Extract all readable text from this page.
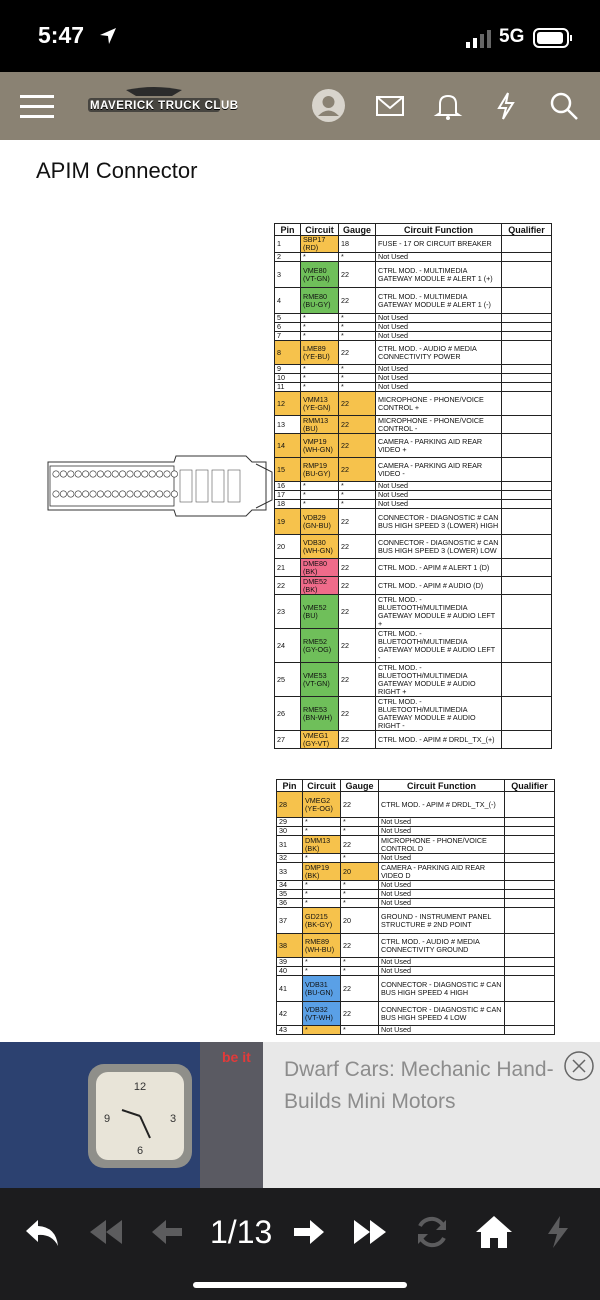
5:47	5G
MAVERICK TRUCK CLUB
APIM Connector
Pin	Circuit	Gauge	Circuit Function	Qualifier
1	SBP17 (RD)	18	FUSE - 17 OR CIRCUIT BREAKER	
2	*	*	Not Used	
3	VME80 (VT-GN)	22	CTRL MOD. - MULTIMEDIA GATEWAY MODULE # ALERT 1 (+)	
4	RME80 (BU-GY)	22	CTRL MOD. - MULTIMEDIA GATEWAY MODULE # ALERT 1 (-)	
5	*	*	Not Used	
6	*	*	Not Used	
7	*	*	Not Used	
8	LME89 (YE-BU)	22	CTRL MOD. - AUDIO # MEDIA CONNECTIVITY POWER	
9	*	*	Not Used	
10	*	*	Not Used	
11	*	*	Not Used	
12	VMM13 (YE-GN)	22	MICROPHONE - PHONE/VOICE CONTROL +	
13	RMM13 (BU)	22	MICROPHONE - PHONE/VOICE CONTROL -	
14	VMP19 (WH-GN)	22	CAMERA - PARKING AID REAR VIDEO +	
15	RMP19 (BU-GY)	22	CAMERA - PARKING AID REAR VIDEO -	
16	*	*	Not Used	
17	*	*	Not Used	
18	*	*	Not Used	
19	VDB29 (GN-BU)	22	CONNECTOR - DIAGNOSTIC # CAN BUS HIGH SPEED 3 (LOWER) HIGH	
20	VDB30 (WH-GN)	22	CONNECTOR - DIAGNOSTIC # CAN BUS HIGH SPEED 3 (LOWER) LOW	
21	DME80 (BK)	22	CTRL MOD. - APIM # ALERT 1 (D)	
22	DME52 (BK)	22	CTRL MOD. - APIM # AUDIO (D)	
23	VME52 (BU)	22	CTRL MOD. - BLUETOOTH/MULTIMEDIA GATEWAY MODULE # AUDIO LEFT +	
24	RME52 (GY-OG)	22	CTRL MOD. - BLUETOOTH/MULTIMEDIA GATEWAY MODULE # AUDIO LEFT -	
25	VME53 (VT-GN)	22	CTRL MOD. - BLUETOOTH/MULTIMEDIA GATEWAY MODULE # AUDIO RIGHT +	
26	RME53 (BN-WH)	22	CTRL MOD. - BLUETOOTH/MULTIMEDIA GATEWAY MODULE # AUDIO RIGHT -	
27	VMEG1 (GY-VT)	22	CTRL MOD. - APIM # DRDL_TX_(+)	
Pin	Circuit	Gauge	Circuit Function	Qualifier
28	VMEG2 (YE-OG)	22	CTRL MOD. - APIM # DRDL_TX_(-)	
29	*	*	Not Used	
30	*	*	Not Used	
31	DMM13 (BK)	22	MICROPHONE - PHONE/VOICE CONTROL D	
32	*	*	Not Used	
33	DMP19 (BK)	20	CAMERA - PARKING AID REAR VIDEO D	
34	*	*	Not Used	
35	*	*	Not Used	
36	*	*	Not Used	
37	GD215 (BK-GY)	20	GROUND - INSTRUMENT PANEL STRUCTURE # 2ND POINT	
38	RME89 (WH-BU)	22	CTRL MOD. - AUDIO # MEDIA CONNECTIVITY GROUND	
39	*	*	Not Used	
40	*	*	Not Used	
41	VDB31 (BU-GN)	22	CONNECTOR - DIAGNOSTIC # CAN BUS HIGH SPEED 4 HIGH	
42	VDB32 (VT-WH)	22	CONNECTOR - DIAGNOSTIC # CAN BUS HIGH SPEED 4 LOW	
43	*	*	Not Used	
12
6
9	3
be it
Dwarf Cars: Mechanic Hand-Builds Mini Motors
1/13
